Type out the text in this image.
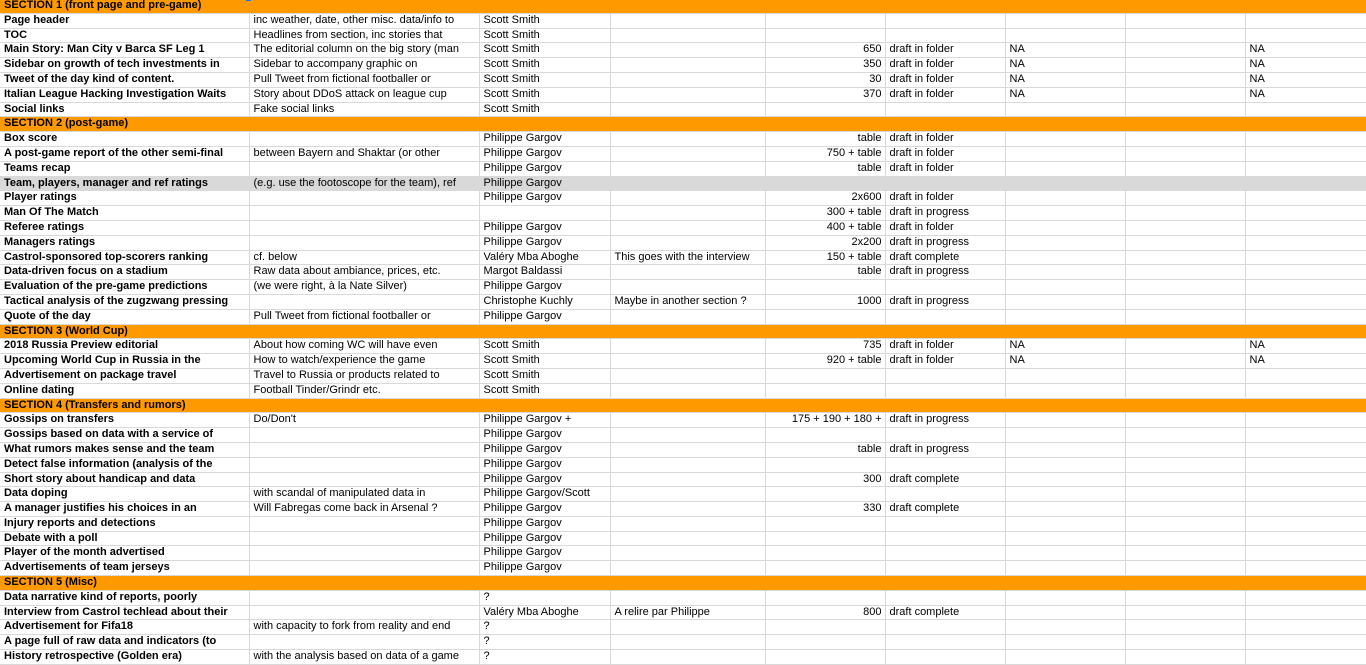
SECTION 1 (front page and pre-game)									
Page header	inc weather, date, other misc. data/info to	Scott Smith							
TOC	Headlines from section, inc stories that	Scott Smith							
Main Story: Man City v Barca SF Leg 1	The editorial column on the big story (man	Scott Smith		650	draft in folder	NA		NA	
Sidebar on growth of tech investments in	Sidebar to accompany graphic on	Scott Smith		350	draft in folder	NA		NA	
Tweet of the day kind of content.	Pull Tweet from fictional footballer or	Scott Smith		30	draft in folder	NA		NA	
Italian League Hacking Investigation Waits	Story about DDoS attack on league cup	Scott Smith		370	draft in folder	NA		NA	
Social links	Fake social links	Scott Smith							
SECTION 2 (post-game)									
Box score		Philippe Gargov		table	draft in folder				
A post-game report of the other semi-final	between Bayern and Shaktar (or other	Philippe Gargov		750 + table	draft in folder				
Teams recap		Philippe Gargov		table	draft in folder				
Team, players, manager and ref ratings	(e.g. use the footoscope for the team), ref	Philippe Gargov							
Player ratings		Philippe Gargov		2x600	draft in folder				
Man Of The Match				300 + table	draft in progress				
Referee ratings		Philippe Gargov		400 + table	draft in folder				
Managers ratings		Philippe Gargov		2x200	draft in progress				
Castrol-sponsored top-scorers ranking	cf. below	Valéry Mba Aboghe	This goes with the interview	150 + table	draft complete				
Data-driven focus on a stadium	Raw data about ambiance, prices, etc.	Margot Baldassi		table	draft in progress				
Evaluation of the pre-game predictions	(we were right, à la Nate Silver)	Philippe Gargov							
Tactical analysis of the zugzwang pressing		Christophe Kuchly	Maybe in another section ?	1000	draft in progress				
Quote of the day	Pull Tweet from fictional footballer or	Philippe Gargov							
SECTION 3 (World Cup)									
2018 Russia Preview editorial	About how coming WC will have even	Scott Smith		735	draft in folder	NA		NA	
Upcoming World Cup in Russia in the	How to watch/experience the game	Scott Smith		920 + table	draft in folder	NA		NA	
Advertisement on package travel	Travel to Russia or products related to	Scott Smith							
Online dating	Football Tinder/Grindr etc.	Scott Smith							
SECTION 4 (Transfers and rumors)									
Gossips on transfers	Do/Don't	Philippe Gargov +		175 + 190 + 180 +	draft in progress				
Gossips based on data with a service of		Philippe Gargov							
What rumors makes sense and the team		Philippe Gargov		table	draft in progress				
Detect false information (analysis of the		Philippe Gargov							
Short story about handicap and data		Philippe Gargov		300	draft complete				
Data doping	with scandal of manipulated data in	Philippe Gargov/Scott							
A manager justifies his choices in an	Will Fabregas come back in Arsenal ?	Philippe Gargov		330	draft complete				
Injury reports and detections		Philippe Gargov							
Debate with a poll		Philippe Gargov							
Player of the month advertised		Philippe Gargov							
Advertisements of team jerseys		Philippe Gargov							
SECTION 5 (Misc)									
Data narrative kind of reports, poorly		?							
Interview from Castrol techlead about their		Valéry Mba Aboghe	A relire par Philippe	800	draft complete				
Advertisement for Fifa18	with capacity to fork from reality and end	?							
A page full of raw data and indicators (to		?							
History retrospective (Golden era)	with the analysis based on data of a game	?							
